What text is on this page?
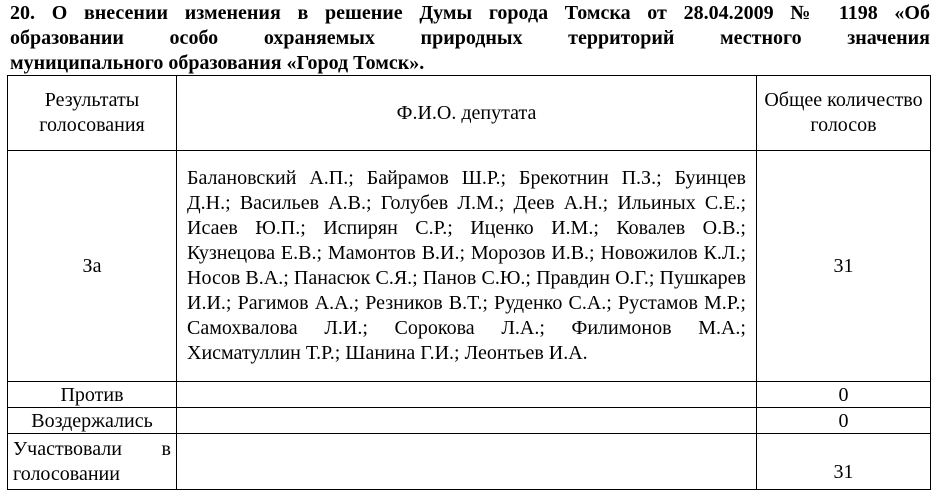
20. О внесении изменения в решение Думы города Томска от 28.04.2009 № 1198 «Об
образовании особо охраняемых природных территорий местного значения
муниципального образования «Город Томск».
Результаты голосования	Ф.И.О. депутата	Общее количество голосов
За	Балановский А.П.; Байрамов Ш.Р.; Брекотнин П.З.; Буинцев Д.Н.; Васильев А.В.; Голубев Л.М.; Деев А.Н.; Ильиных С.Е.; Исаев Ю.П.; Испирян С.Р.; Иценко И.М.; Ковалев О.В.; Кузнецова Е.В.; Мамонтов В.И.; Морозов И.В.; Новожилов К.Л.; Носов В.А.; Панасюк С.Я.; Панов С.Ю.; Правдин О.Г.; Пушкарев И.И.; Рагимов А.А.; Резников В.Т.; Руденко С.А.; Рустамов М.Р.; Самохвалова Л.И.; Сорокова Л.А.; Филимонов М.А.; Хисматуллин Т.Р.; Шанина Г.И.; Леонтьев И.А.	31
Против		0
Воздержались		0
Участвовали в голосовании		31
